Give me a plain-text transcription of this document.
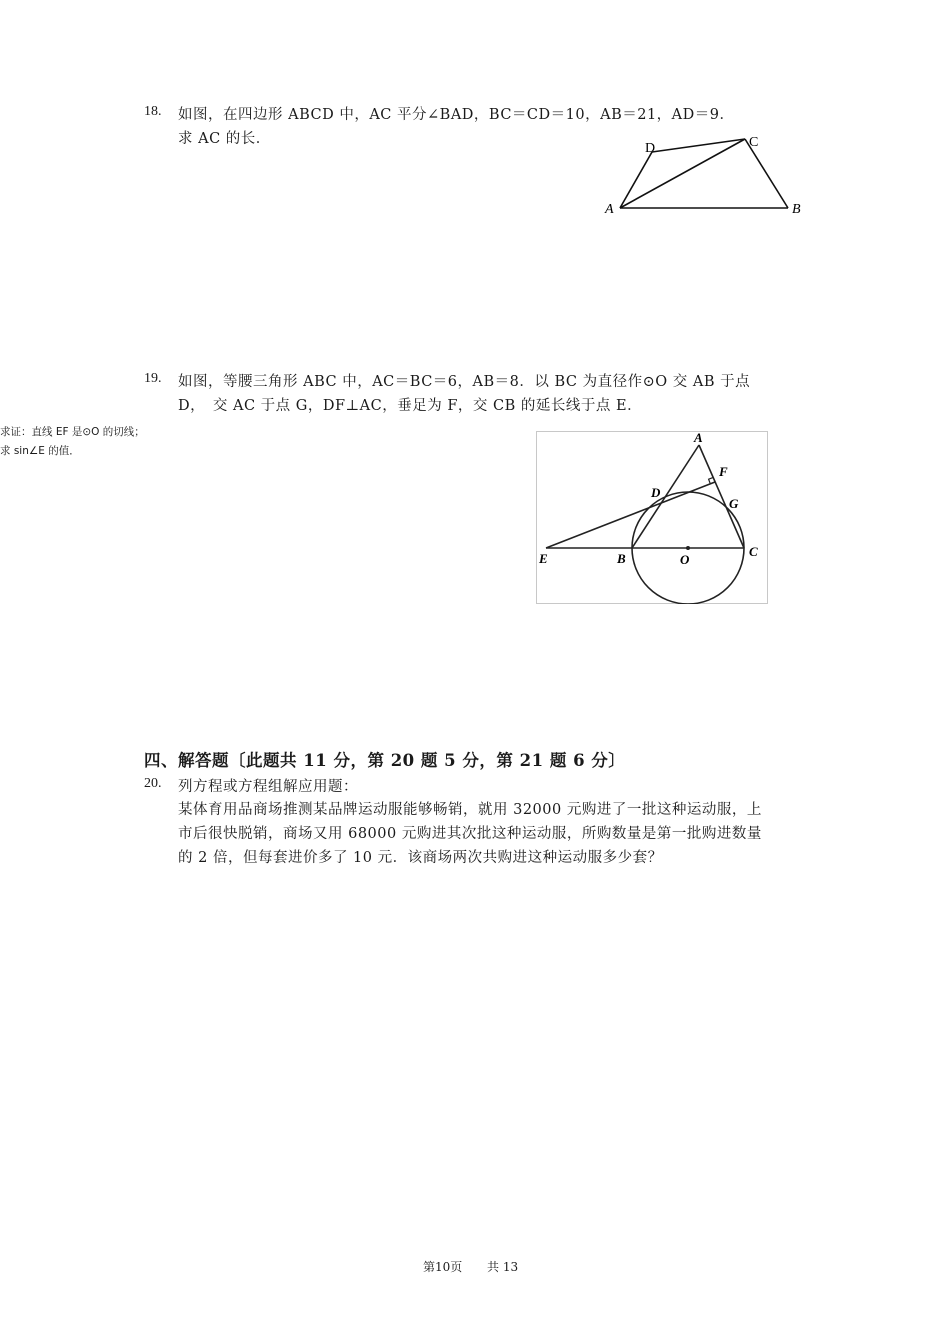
18. 如图，在四边形 ABCD 中，AC 平分∠BAD，BC＝CD＝10，AB＝21，AD＝9．
求 AC 的长．
D	C
A	B
19. 如图，等腰三角形 ABC 中，AC＝BC＝6，AB＝8．以 BC 为直径作⊙O 交 AB 于点
D，　交 AC 于点 G，DF⊥AC，垂足为 F，交 CB 的延长线于点 E．
求证：直线 EF 是⊙O 的切线；
求 sin∠E 的值．
A
F
D
G
E	B	O
C
四、解答题〔此题共 11 分，第 20 题 5 分，第 21 题 6 分〕
20. 列方程或方程组解应用题：
某体育用品商场推测某品牌运动服能够畅销，就用 32000 元购进了一批这种运动服，上
市后很快脱销，商场又用 68000 元购进其次批这种运动服，所购数量是第一批购进数量
的 2 倍，但每套进价多了 10 元．该商场两次共购进这种运动服多少套？
第10页 共 13
